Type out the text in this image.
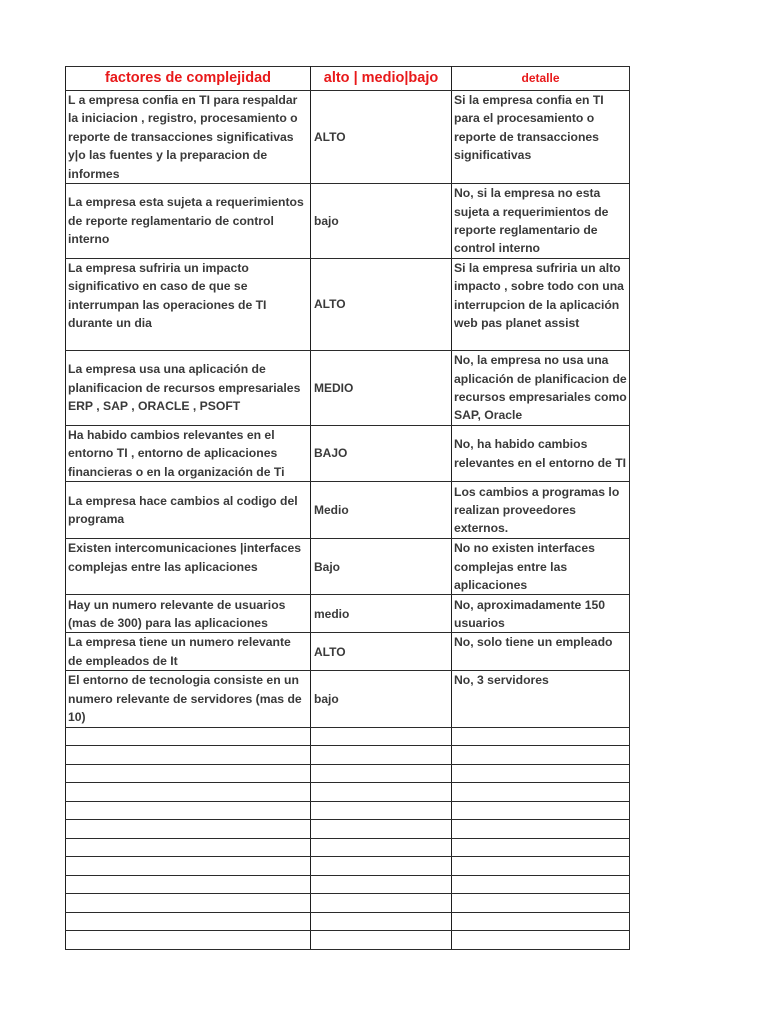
factores de complejidad	alto | medio|bajo	detalle
L a empresa confia en TI para respaldar la iniciacion , registro, procesamiento o reporte de transacciones significativas y|o las fuentes y la preparacion de informes	ALTO	Si la empresa confia en TI para el procesamiento o reporte de transacciones significativas
La empresa esta sujeta a requerimientos de reporte reglamentario de control interno	bajo	No, si la empresa no esta sujeta a requerimientos de reporte reglamentario de control interno
La empresa sufriria un impacto significativo en caso de que se interrumpan las operaciones de TI durante un dia	ALTO	Si la empresa sufriria un alto impacto , sobre todo con una interrupcion de la aplicación web pas planet assist
La empresa usa una aplicación de planificacion de recursos empresariales ERP , SAP , ORACLE , PSOFT	MEDIO	No, la empresa no usa una aplicación de planificacion de recursos empresariales como SAP, Oracle
Ha habido cambios relevantes en el entorno TI , entorno de aplicaciones financieras o en la organización de Ti	BAJO	No, ha habido cambios relevantes en el entorno de TI
La empresa hace cambios al codigo del programa	Medio	Los cambios a programas lo realizan proveedores externos.
Existen intercomunicaciones |interfaces complejas entre las aplicaciones	Bajo	No no existen interfaces complejas entre las aplicaciones
Hay un numero relevante de usuarios (mas de 300) para las aplicaciones	medio	No, aproximadamente 150 usuarios
La empresa tiene un numero relevante de empleados de It	ALTO	No, solo tiene un empleado
El entorno de tecnologia consiste en un numero relevante de servidores (mas de 10)	bajo	No, 3 servidores
